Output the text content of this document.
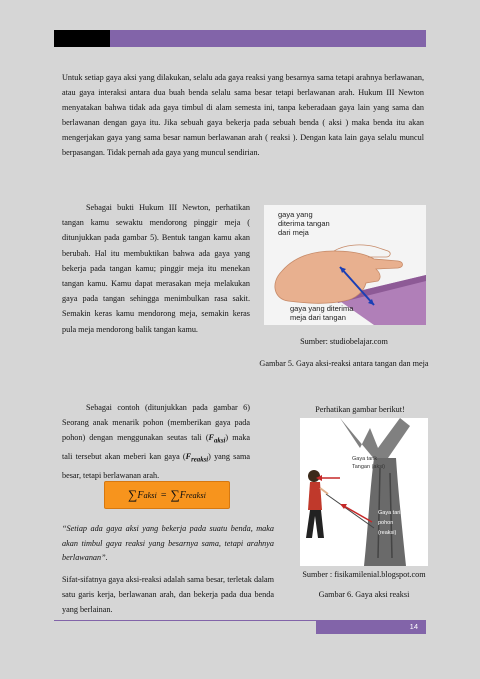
Untuk setiap gaya aksi yang dilakukan, selalu ada gaya reaksi yang besarnya sama tetapi arahnya berlawanan, atau gaya interaksi antara dua buah benda selalu sama besar tetapi berlawanan arah. Hukum III Newton menyatakan bahwa tidak ada gaya timbul di alam semesta ini, tanpa keberadaan gaya lain yang sama dan berlawanan dengan gaya itu. Jika sebuah gaya bekerja pada sebuah benda ( aksi ) maka benda itu akan mengerjakan gaya yang sama besar namun berlawanan arah ( reaksi ). Dengan kata lain gaya selalu muncul berpasangan. Tidak pernah ada gaya yang muncul sendirian.

Sebagai bukti Hukum III Newton, perhatikan tangan kamu sewaktu mendorong pinggir meja ( ditunjukkan pada gambar 5). Bentuk tangan kamu akan berubah. Hal itu membuktikan bahwa ada gaya yang bekerja pada tangan kamu; pinggir meja itu menekan tangan kamu. Kamu dapat merasakan meja melakukan gaya pada tangan sehingga menimbulkan rasa sakit. Semakin keras kamu mendorong meja, semakin keras pula meja mendorong balik tangan kamu.

gaya yang
diterima tangan
dari meja
gaya yang diterima
meja dari tangan
Sumber: studiobelajar.com
Gambar 5. Gaya aksi-reaksi antara tangan dan meja

Sebagai contoh (ditunjukkan pada gambar 6) Seorang anak menarik pohon (memberikan gaya pada pohon) dengan menggunakan seutas tali $(F_{aksi})$ maka tali tersebut akan meberi kan gaya $(F_{reaksi})$ yang sama besar, tetapi berlawanan arah.

∑ F aksi = ∑ F reaksi
“Setiap ada gaya aksi yang bekerja pada suatu benda, maka akan timbul gaya reaksi yang besarnya sama, tetapi arahnya berlawanan”.
Sifat-sifatnya gaya aksi-reaksi adalah sama besar, terletak dalam satu garis kerja, berlawanan arah, dan bekerja pada dua benda yang berlainan.
Perhatikan gambar berikut!
Gaya tarik
Tangan (aksi)
Gaya tarik
pohon
(reaksi)
Sumber : fisikamilenial.blogspot.com
Gambar 6. Gaya aksi reaksi
14
